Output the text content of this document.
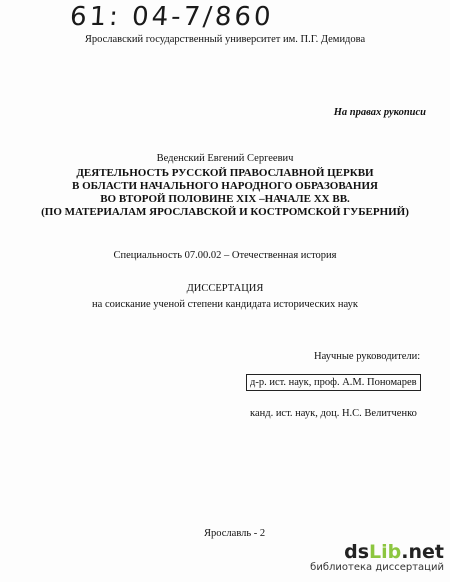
61: 04-7/860
Ярославский государственный университет им. П.Г. Демидова
На правах рукописи
Веденский Евгений Сергеевич
ДЕЯТЕЛЬНОСТЬ РУССКОЙ ПРАВОСЛАВНОЙ ЦЕРКВИ
В ОБЛАСТИ НАЧАЛЬНОГО НАРОДНОГО ОБРАЗОВАНИЯ
ВО ВТОРОЙ ПОЛОВИНЕ XIX –НАЧАЛЕ XX ВВ.
(ПО МАТЕРИАЛАМ ЯРОСЛАВСКОЙ И КОСТРОМСКОЙ ГУБЕРНИЙ)
Специальность 07.00.02 – Отечественная история
ДИССЕРТАЦИЯ
на соискание ученой степени кандидата исторических наук
Научные руководители:
д-р. ист. наук, проф. А.М. Пономарев
канд. ист. наук, доц. Н.С. Велитченко
Ярославль - 2
dsLib.net
библиотека диссертаций
